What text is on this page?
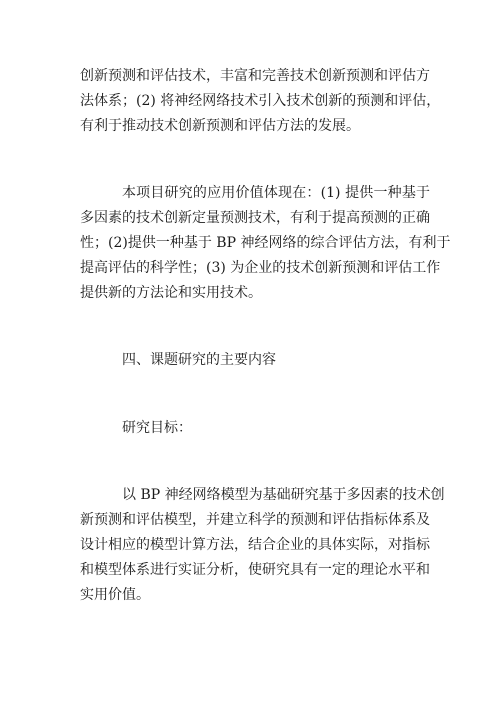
创新预测和评估技术，丰富和完善技术创新预测和评估方
法体系；(2) 将神经网络技术引入技术创新的预测和评估，
有利于推动技术创新预测和评估方法的发展。
本项目研究的应用价值体现在：(1) 提供一种基于
多因素的技术创新定量预测技术，有利于提高预测的正确
性；(2)提供一种基于 BP 神经网络的综合评估方法，有利于
提高评估的科学性；(3) 为企业的技术创新预测和评估工作
提供新的方法论和实用技术。
四、课题研究的主要内容
研究目标：
以 BP 神经网络模型为基础研究基于多因素的技术创
新预测和评估模型，并建立科学的预测和评估指标体系及
设计相应的模型计算方法，结合企业的具体实际，对指标
和模型体系进行实证分析，使研究具有一定的理论水平和
实用价值。
